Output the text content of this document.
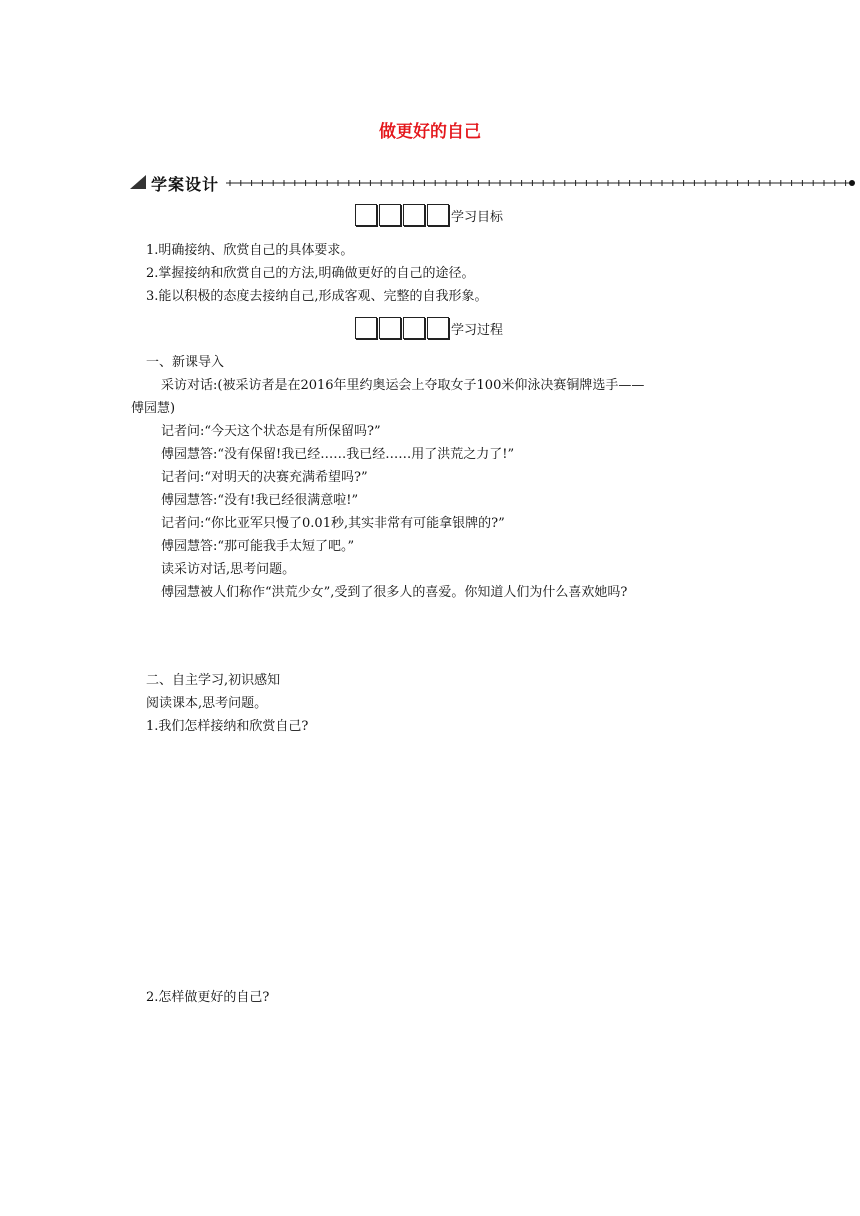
做更好的自己
学案设计
学习目标
1.明确接纳、欣赏自己的具体要求。
2.掌握接纳和欣赏自己的方法,明确做更好的自己的途径。
3.能以积极的态度去接纳自己,形成客观、完整的自我形象。
学习过程
一、新课导入
采访对话:(被采访者是在2016年里约奥运会上夺取女子100米仰泳决赛铜牌选手——
傅园慧)
记者问:“今天这个状态是有所保留吗?”
傅园慧答:“没有保留!我已经……我已经……用了洪荒之力了!”
记者问:“对明天的决赛充满希望吗?”
傅园慧答:“没有!我已经很满意啦!”
记者问:“你比亚军只慢了0.01秒,其实非常有可能拿银牌的?”
傅园慧答:“那可能我手太短了吧。”
读采访对话,思考问题。
傅园慧被人们称作“洪荒少女”,受到了很多人的喜爱。你知道人们为什么喜欢她吗?
二、自主学习,初识感知
阅读课本,思考问题。
1.我们怎样接纳和欣赏自己?
2.怎样做更好的自己?
